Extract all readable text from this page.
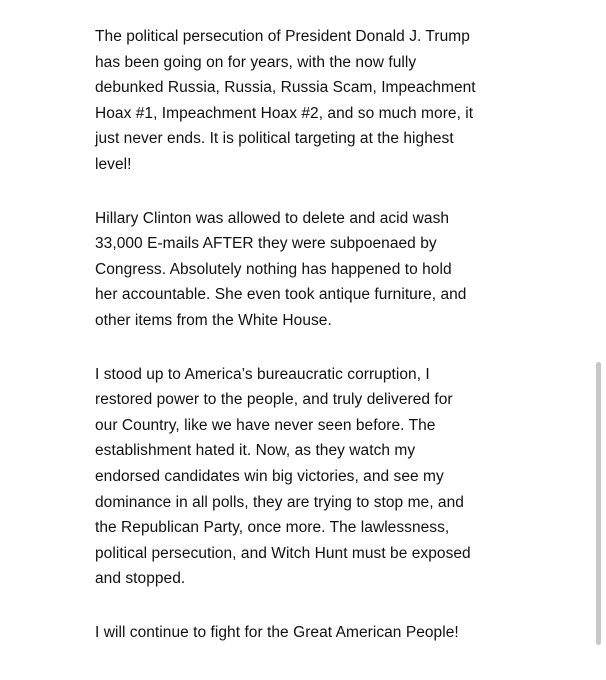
The political persecution of President Donald J. Trump
has been going on for years, with the now fully
debunked Russia, Russia, Russia Scam, Impeachment
Hoax #1, Impeachment Hoax #2, and so much more, it
just never ends. It is political targeting at the highest
level!

Hillary Clinton was allowed to delete and acid wash
33,000 E-mails AFTER they were subpoenaed by
Congress. Absolutely nothing has happened to hold
her accountable. She even took antique furniture, and
other items from the White House.

I stood up to America’s bureaucratic corruption, I
restored power to the people, and truly delivered for
our Country, like we have never seen before. The
establishment hated it. Now, as they watch my
endorsed candidates win big victories, and see my
dominance in all polls, they are trying to stop me, and
the Republican Party, once more. The lawlessness,
political persecution, and Witch Hunt must be exposed
and stopped.

I will continue to fight for the Great American People!
